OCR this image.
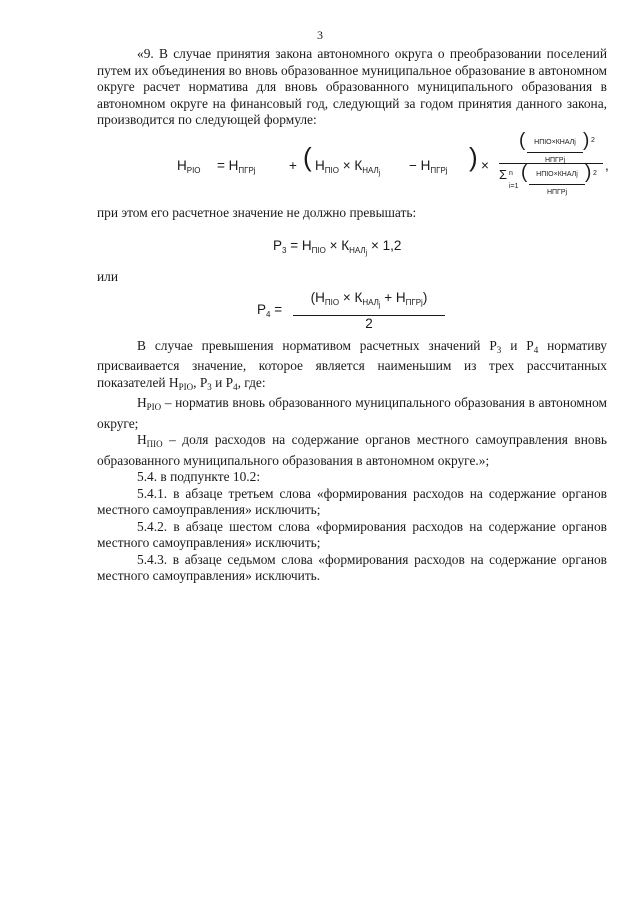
3

«9. В случае принятия закона автономного округа о преобразовании поселений путем их объединения во вновь образованное муниципальное образование в автономном округе расчет норматива для вновь образованного муниципального образования в автономном округе на финансовый год, следующий за годом принятия данного закона, производится по следующей формуле:

$Н_{PIO} = Н_{ПГРj}$ + ( $Н_{ПIO} \times К_{НАЛj}$
− $Н_{ПГРj}$ ) ×
(	НПIO×КНАЛj
НПГРj
) 2
Σ
i=1
n (	НПIO×КНАЛj
НПГРj
) 2
,

при этом его расчетное значение не должно превышать:

$Р_3 = Н_{ПIO} \times К_{НАЛj} \times 1,2$

или

$Р_4$ =
$(Н_{ПIO} \times К_{НАЛj} + Н_{ПГРj})$
2

В случае превышения нормативом расчетных значений $Р_3$ и $Р_4$ нормативу присваивается значение, которое является наименьшим из трех рассчитанных показателей $Н_{PIO}$, $Р_3$ и $Р_4$, где:

$Н_{PIO}$ – норматив вновь образованного муниципального образования в автономном округе;

$Н_{ПIO}$ – доля расходов на содержание органов местного самоуправления вновь образованного муниципального образования в автономном округе.»;

5.4. в подпункте 10.2:

5.4.1. в абзаце третьем слова «формирования расходов на содержание органов местного самоуправления» исключить;

5.4.2. в абзаце шестом слова «формирования расходов на содержание органов местного самоуправления» исключить;

5.4.3. в абзаце седьмом слова «формирования расходов на содержание органов местного самоуправления» исключить.
